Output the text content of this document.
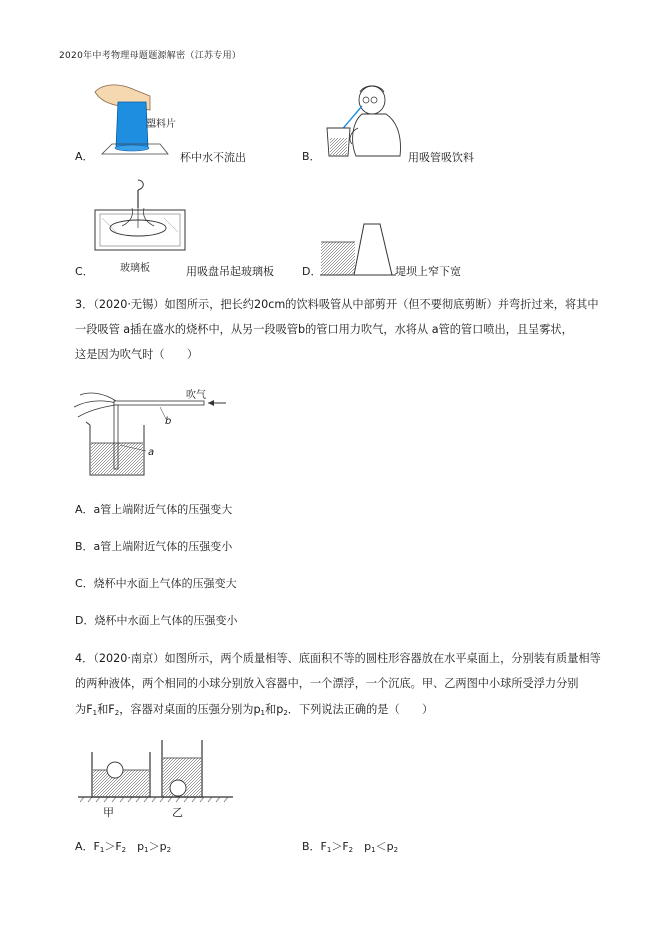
2020年中考物理母题题源解密（江苏专用）
塑料片
A．	杯中水不流出	B．	用吸管吸饮料
玻璃板
C．	用吸盘吊起玻璃板	D．	堤坝上窄下宽
3．（2020·无锡）如图所示，把长约20cm的饮料吸管从中部剪开（但不要彻底剪断）并弯折过来，将其中
一段吸管 a插在盛水的烧杯中，从另一段吸管b的管口用力吹气，水将从 a管的管口喷出，且呈雾状，
这是因为吹气时（　　）
吹气
b
a
A．a管上端附近气体的压强变大
B．a管上端附近气体的压强变小
C．烧杯中水面上气体的压强变大
D．烧杯中水面上气体的压强变小
4．（2020·南京）如图所示，两个质量相等、底面积不等的圆柱形容器放在水平桌面上，分别装有质量相等
的两种液体，两个相同的小球分别放入容器中，一个漂浮，一个沉底。甲、乙两图中小球所受浮力分别
为F1和F2，容器对桌面的压强分别为p1和p2．下列说法正确的是（　　）
甲	乙
A．F1＞F2　p1＞p2	B．F1＞F2　p1＜p2
